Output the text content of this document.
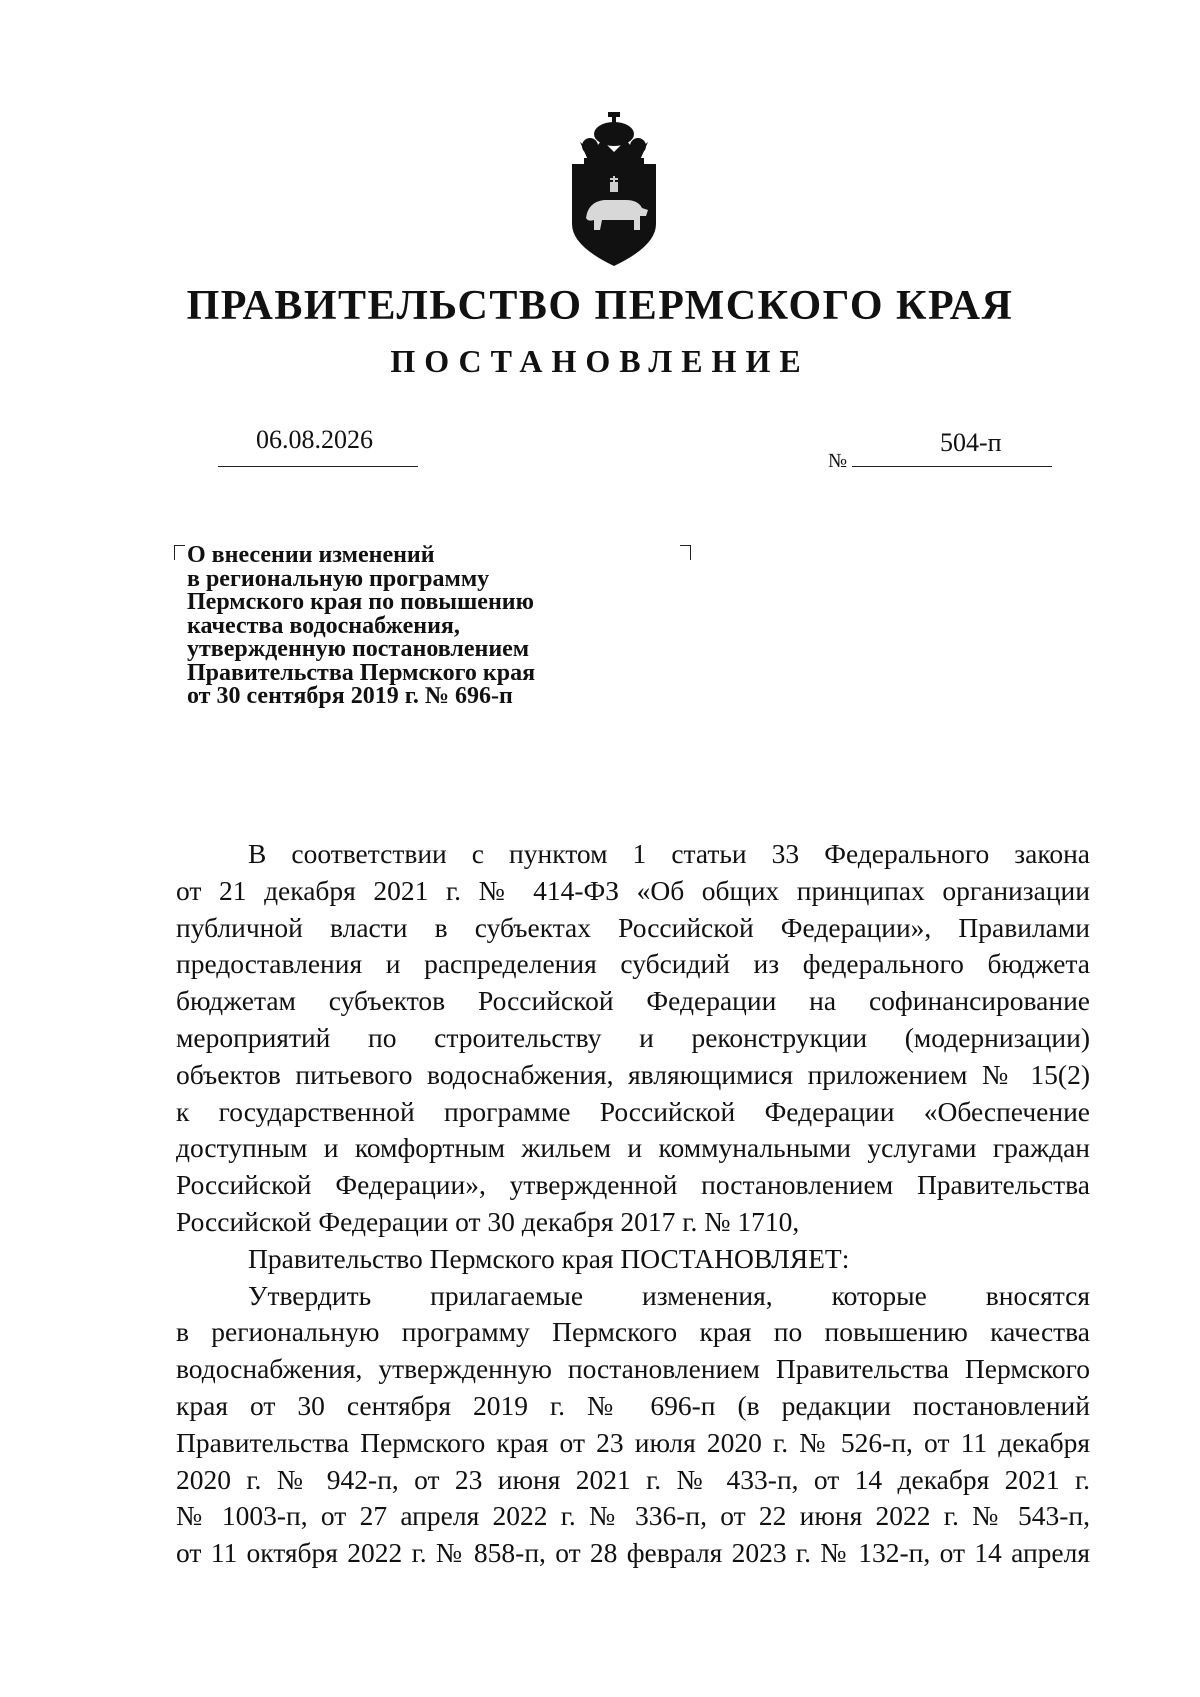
ПРАВИТЕЛЬСТВО ПЕРМСКОГО КРАЯ
ПОСТАНОВЛЕНИЕ
06.08.2026
№
504-п
О внесении изменений
в региональную программу
Пермского края по повышению
качества водоснабжения,
утвержденную постановлением
Правительства Пермского края
от 30 сентября 2019 г. № 696-п
В соответствии с пунктом 1 статьи 33 Федерального закона
от 21 декабря 2021 г. № 414-ФЗ «Об общих принципах организации
публичной власти в субъектах Российской Федерации», Правилами
предоставления и распределения субсидий из федерального бюджета
бюджетам субъектов Российской Федерации на софинансирование
мероприятий по строительству и реконструкции (модернизации)
объектов питьевого водоснабжения, являющимися приложением № 15(2)
к государственной программе Российской Федерации «Обеспечение
доступным и комфортным жильем и коммунальными услугами граждан
Российской Федерации», утвержденной постановлением Правительства
Российской Федерации от 30 декабря 2017 г. № 1710,
Правительство Пермского края ПОСТАНОВЛЯЕТ:
Утвердить прилагаемые изменения, которые вносятся
в региональную программу Пермского края по повышению качества
водоснабжения, утвержденную постановлением Правительства Пермского
края от 30 сентября 2019 г. № 696-п (в редакции постановлений
Правительства Пермского края от 23 июля 2020 г. № 526-п, от 11 декабря
2020 г. № 942-п, от 23 июня 2021 г. № 433-п, от 14 декабря 2021 г.
№ 1003-п, от 27 апреля 2022 г. № 336-п, от 22 июня 2022 г. № 543-п,
от 11 октября 2022 г. № 858-п, от 28 февраля 2023 г. № 132-п, от 14 апреля
